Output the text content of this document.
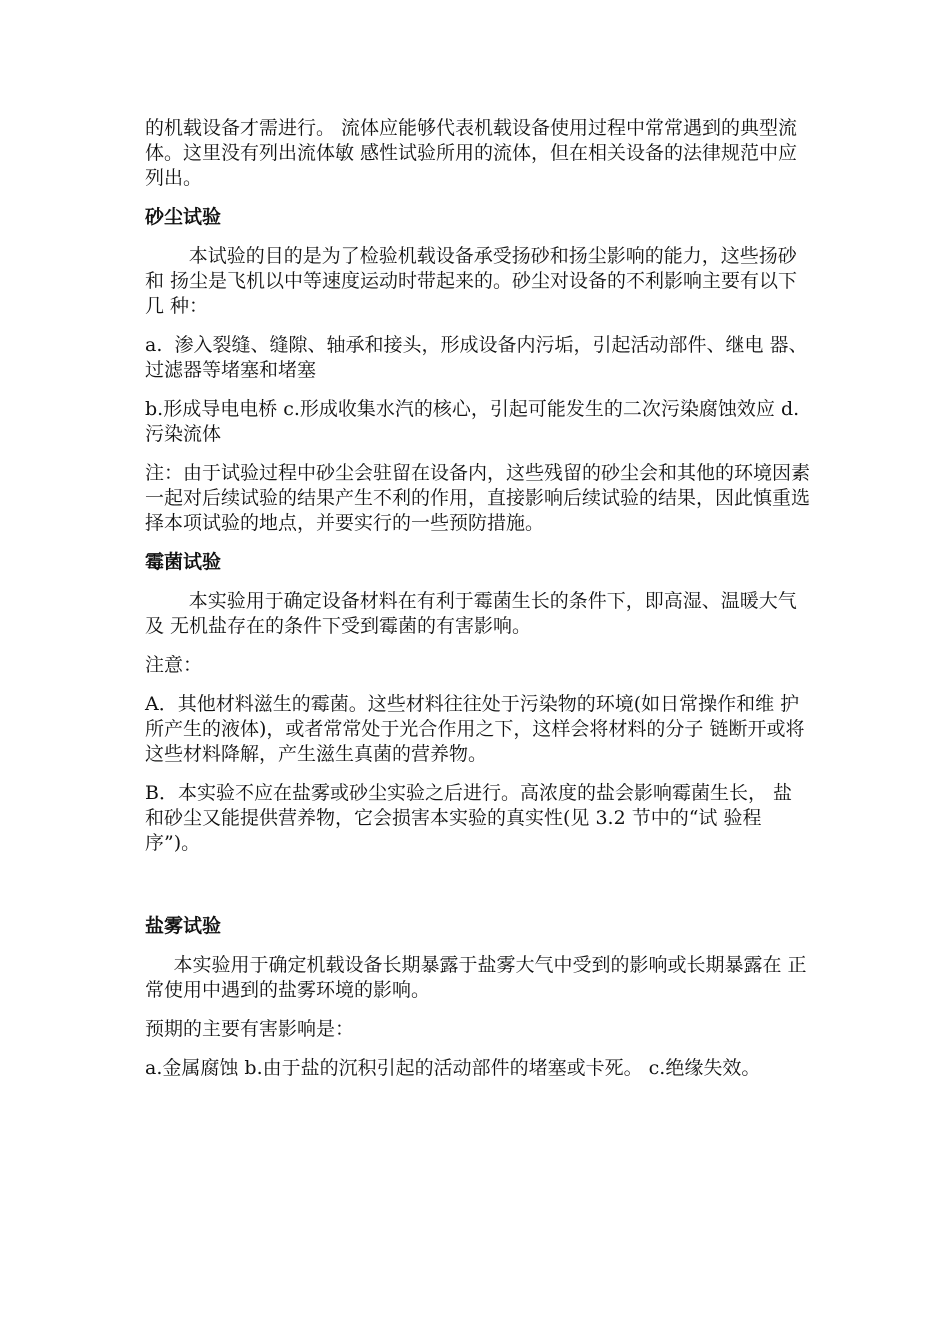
的机载设备才需进行。 流体应能够代表机载设备使用过程中常常遇到的典型流体。这里没有列出流体敏 感性试验所用的流体，但在相关设备的法律规范中应列出。

砂尘试验

本试验的目的是为了检验机载设备承受扬砂和扬尘影响的能力，这些扬砂和 扬尘是飞机以中等速度运动时带起来的。砂尘对设备的不利影响主要有以下几 种：

a.  渗入裂缝、缝隙、轴承和接头，形成设备内污垢，引起活动部件、继电 器、过滤器等堵塞和堵塞

b.形成导电电桥 c.形成收集水汽的核心，引起可能发生的二次污染腐蚀效应 d.污染流体

注：由于试验过程中砂尘会驻留在设备内，这些残留的砂尘会和其他的环境因素 一起对后续试验的结果产生不利的作用，直接影响后续试验的结果，因此慎重选 择本项试验的地点，并要实行的一些预防措施。

霉菌试验

本实验用于确定设备材料在有利于霉菌生长的条件下，即高湿、温暖大气及 无机盐存在的条件下受到霉菌的有害影响。

注意：

A．其他材料滋生的霉菌。这些材料往往处于污染物的环境(如日常操作和维 护所产生的液体)，或者常常处于光合作用之下，这样会将材料的分子 链断开或将这些材料降解，产生滋生真菌的营养物。

B．本实验不应在盐雾或砂尘实验之后进行。高浓度的盐会影响霉菌生长， 盐和砂尘又能提供营养物，它会损害本实验的真实性(见 3.2 节中的“试 验程序”)。

盐雾试验

本实验用于确定机载设备长期暴露于盐雾大气中受到的影响或长期暴露在 正常使用中遇到的盐雾环境的影响。

预期的主要有害影响是：

a.金属腐蚀 b.由于盐的沉积引起的活动部件的堵塞或卡死。 c.绝缘失效。
